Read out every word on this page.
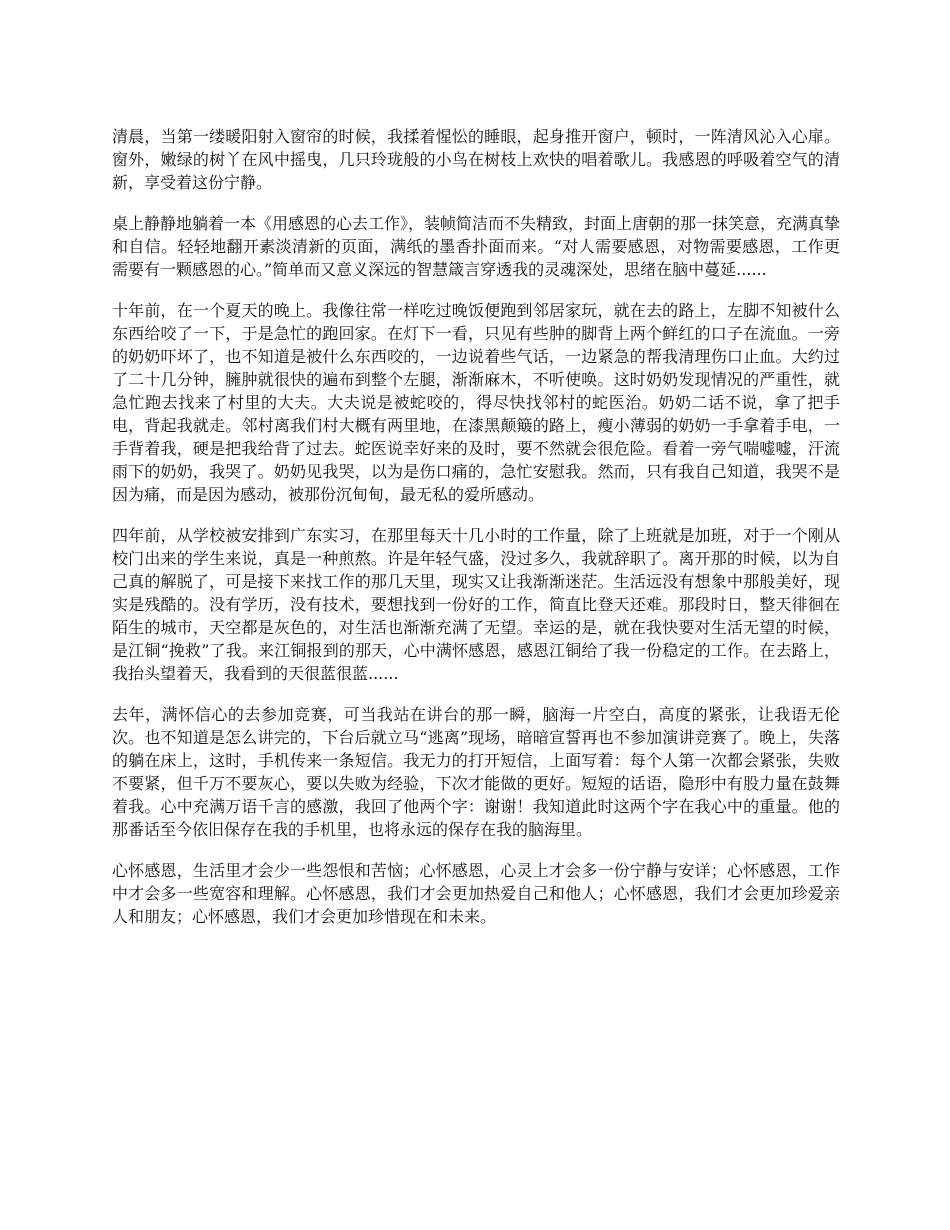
清晨，当第一缕暖阳射入窗帘的时候，我揉着惺忪的睡眼，起身推开窗户，顿时，一阵清风沁入心扉。窗外，嫩绿的树丫在风中摇曳，几只玲珑般的小鸟在树枝上欢快的唱着歌儿。我感恩的呼吸着空气的清新，享受着这份宁静。

桌上静静地躺着一本《用感恩的心去工作》，装帧简洁而不失精致，封面上唐朝的那一抹笑意，充满真挚和自信。轻轻地翻开素淡清新的页面，满纸的墨香扑面而来。“对人需要感恩，对物需要感恩，工作更需要有一颗感恩的心。”简单而又意义深远的智慧箴言穿透我的灵魂深处，思绪在脑中蔓延......

十年前，在一个夏天的晚上。我像往常一样吃过晚饭便跑到邻居家玩，就在去的路上，左脚不知被什么东西给咬了一下，于是急忙的跑回家。在灯下一看，只见有些肿的脚背上两个鲜红的口子在流血。一旁的奶奶吓坏了，也不知道是被什么东西咬的，一边说着些气话，一边紧急的帮我清理伤口止血。大约过了二十几分钟，臃肿就很快的遍布到整个左腿，渐渐麻木，不听使唤。这时奶奶发现情况的严重性，就急忙跑去找来了村里的大夫。大夫说是被蛇咬的，得尽快找邻村的蛇医治。奶奶二话不说，拿了把手电，背起我就走。邻村离我们村大概有两里地，在漆黑颠簸的路上，瘦小薄弱的奶奶一手拿着手电，一手背着我，硬是把我给背了过去。蛇医说幸好来的及时，要不然就会很危险。看着一旁气喘嘘嘘，汗流雨下的奶奶，我哭了。奶奶见我哭，以为是伤口痛的，急忙安慰我。然而，只有我自己知道，我哭不是因为痛，而是因为感动，被那份沉甸甸，最无私的爱所感动。

四年前，从学校被安排到广东实习，在那里每天十几小时的工作量，除了上班就是加班，对于一个刚从校门出来的学生来说，真是一种煎熬。许是年轻气盛，没过多久，我就辞职了。离开那的时候，以为自己真的解脱了，可是接下来找工作的那几天里，现实又让我渐渐迷茫。生活远没有想象中那般美好，现实是残酷的。没有学历，没有技术，要想找到一份好的工作，简直比登天还难。那段时日，整天徘徊在陌生的城市，天空都是灰色的，对生活也渐渐充满了无望。幸运的是，就在我快要对生活无望的时候，是江铜“挽救”了我。来江铜报到的那天，心中满怀感恩，感恩江铜给了我一份稳定的工作。在去路上，我抬头望着天，我看到的天很蓝很蓝......

去年，满怀信心的去参加竞赛，可当我站在讲台的那一瞬，脑海一片空白，高度的紧张，让我语无伦次。也不知道是怎么讲完的，下台后就立马“逃离”现场，暗暗宣誓再也不参加演讲竞赛了。晚上，失落的躺在床上，这时，手机传来一条短信。我无力的打开短信，上面写着：每个人第一次都会紧张，失败不要紧，但千万不要灰心，要以失败为经验，下次才能做的更好。短短的话语，隐形中有股力量在鼓舞着我。心中充满万语千言的感激，我回了他两个字：谢谢！我知道此时这两个字在我心中的重量。他的那番话至今依旧保存在我的手机里，也将永远的保存在我的脑海里。

心怀感恩，生活里才会少一些怨恨和苦恼；心怀感恩，心灵上才会多一份宁静与安详；心怀感恩，工作中才会多一些宽容和理解。心怀感恩，我们才会更加热爱自己和他人；心怀感恩，我们才会更加珍爱亲人和朋友；心怀感恩，我们才会更加珍惜现在和未来。
